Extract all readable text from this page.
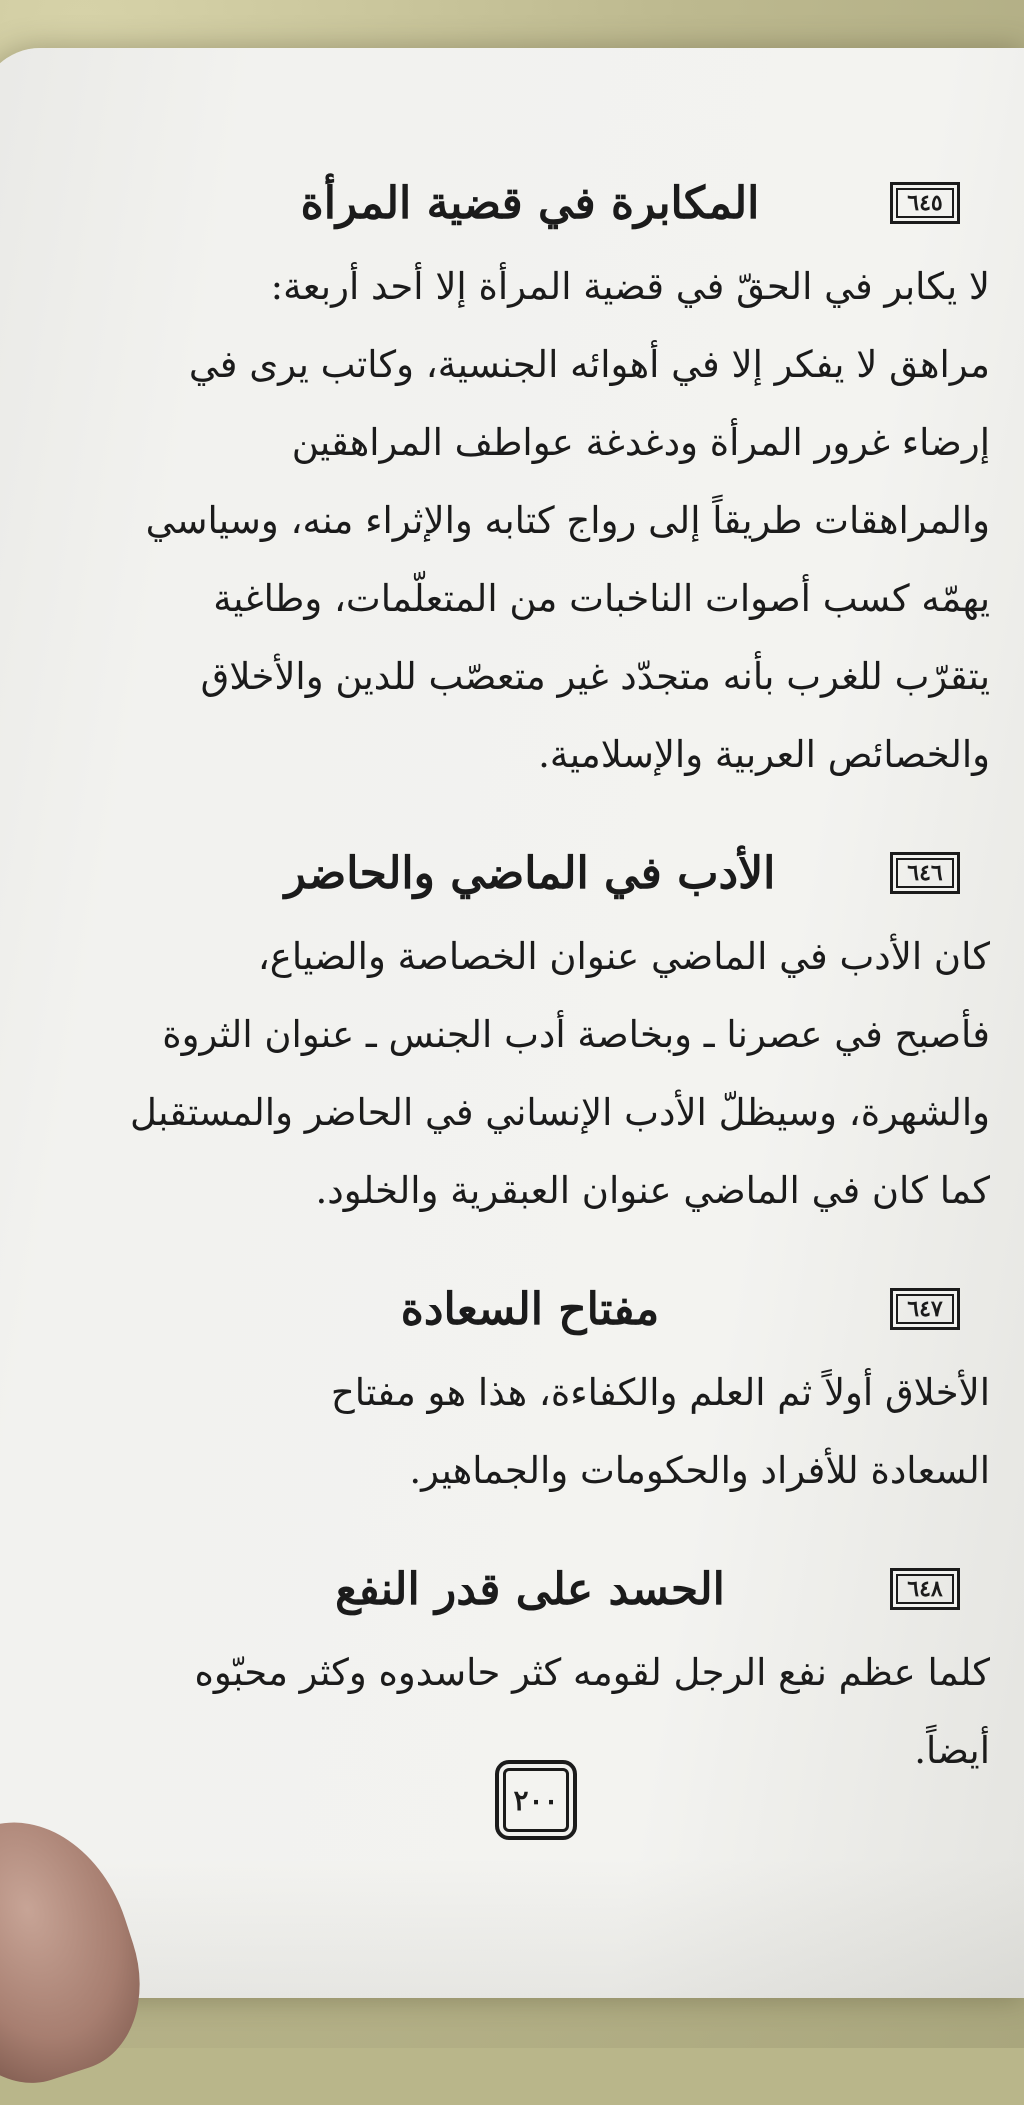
٦٤٥
المكابرة في قضية المرأة
لا يكابر في الحقّ في قضية المرأة إلا أحد أربعة:
مراهق لا يفكر إلا في أهوائه الجنسية، وكاتب يرى في
إرضاء غرور المرأة ودغدغة عواطف المراهقين
والمراهقات طريقاً إلى رواج كتابه والإثراء منه، وسياسي
يهمّه كسب أصوات الناخبات من المتعلّمات، وطاغية
يتقرّب للغرب بأنه متجدّد غير متعصّب للدين والأخلاق
والخصائص العربية والإسلامية.
٦٤٦
الأدب في الماضي والحاضر
كان الأدب في الماضي عنوان الخصاصة والضياع،
فأصبح في عصرنا ـ وبخاصة أدب الجنس ـ عنوان الثروة
والشهرة، وسيظلّ الأدب الإنساني في الحاضر والمستقبل
كما كان في الماضي عنوان العبقرية والخلود.
٦٤٧
مفتاح السعادة
الأخلاق أولاً ثم العلم والكفاءة، هذا هو مفتاح
السعادة للأفراد والحكومات والجماهير.
٦٤٨
الحسد على قدر النفع
كلما عظم نفع الرجل لقومه كثر حاسدوه وكثر محبّوه
أيضاً.
٢٠٠
